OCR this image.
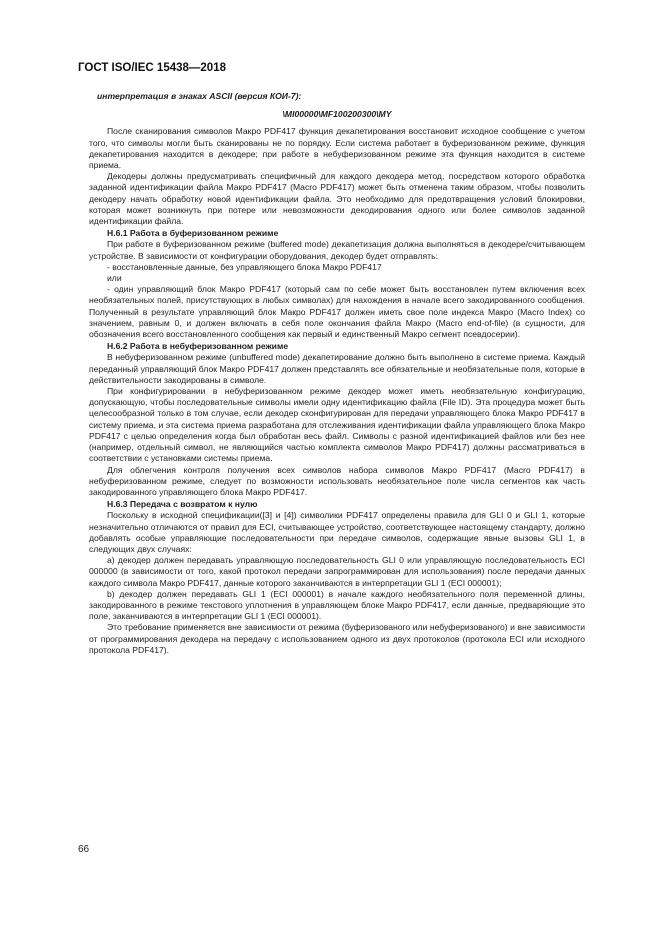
ГОСТ ISO/IEC 15438—2018

интерпретация в знаках ASCII (версия КОИ-7):

\MI00000\MF100200300\MY

После сканирования символов Макро PDF417 функция декапетирования восстановит исходное сообщение с учетом того, что символы могли быть сканированы не по порядку. Если система работает в буферизованном режиме, функция декапетирования находится в декодере; при работе в небуферизованном режиме эта функция находится в системе приема.

Декодеры должны предусматривать специфичный для каждого декодера метод, посредством которого обработка заданной идентификации файла Макро PDF417 (Macro PDF417) может быть отменена таким образом, чтобы позволить декодеру начать обработку новой идентификации файла. Это необходимо для предотвращения условий блокировки, которая может возникнуть при потере или невозможности декодирования одного или более символов заданной идентификации файла.

H.6.1 Работа в буферизованном режиме

При работе в буферизованном режиме (buffered mode) декапетизация должна выполняться в декодере/считывающем устройстве. В зависимости от конфигурации оборудования, декодер будет отправлять:

- восстановленные данные, без управляющего блока Макро PDF417

или

- один управляющий блок Макро PDF417 (который сам по себе может быть восстановлен путем включения всех необязательных полей, присутствующих в любых символах) для нахождения в начале всего закодированного сообщения. Полученный в результате управляющий блок Макро PDF417 должен иметь свое поле индекса Макро (Macro Index) со значением, равным 0, и должен включать в себя поле окончания файла Макро (Macro end-of-file) (в сущности, для обозначения всего восстановленного сообщения как первый и единственный Макро сегмент псевдосерии).

H.6.2 Работа в небуферизованном режиме

В небуферизованном режиме (unbuffered mode) декапетирование должно быть выполнено в системе приема. Каждый переданный управляющий блок Макро PDF417 должен представлять все обязательные и необязательные поля, которые в действительности закодированы в символе.

При конфигурировании в небуферизованном режиме декодер может иметь необязательную конфигурацию, допускающую, чтобы последовательные символы имели одну идентификацию файла (File ID). Эта процедура может быть целесообразной только в том случае, если декодер сконфигурирован для передачи управляющего блока Макро PDF417 в систему приема, и эта система приема разработана для отслеживания идентификации файла управляющего блока Макро PDF417 с целью определения когда был обработан весь файл. Символы с разной идентификацией файлов или без нее (например, отдельный символ, не являющийся частью комплекта символов Макро PDF417) должны рассматриваться в соответствии с установками системы приема.

Для облегчения контроля получения всех символов набора символов Макро PDF417 (Macro PDF417) в небуферизованном режиме, следует по возможности использовать необязательное поле числа сегментов как часть закодированного управляющего блока Макро PDF417.

H.6.3 Передача с возвратом к нулю

Поскольку в исходной спецификации([3] и [4]) символики PDF417 определены правила для GLI 0 и GLI 1, которые незначительно отличаются от правил для ECI, считывающее устройство, соответствующее настоящему стандарту, должно добавлять особые управляющие последовательности при передаче символов, содержащие явные вызовы GLI 1, в следующих двух случаях:

а) декодер должен передавать управляющую последовательность GLI 0 или управляющую последовательность ECI 000000 (в зависимости от того, какой протокол передачи запрограммирован для использования) после передачи данных каждого символа Макро PDF417, данные которого заканчиваются в интерпретации GLI 1 (ECI 000001);

b) декодер должен передавать GLI 1 (ECI 000001) в начале каждого необязательного поля переменной длины, закодированного в режиме текстового уплотнения в управляющем блоке Макро PDF417, если данные, предваряющие это поле, заканчиваются в интерпретации GLI 1 (ECI 000001).

Это требование применяется вне зависимости от режима (буферизованого или небуферизованого) и вне зависимости от программирования декодера на передачу с использованием одного из двух протоколов (протокола ECI или исходного протокола PDF417).

66
